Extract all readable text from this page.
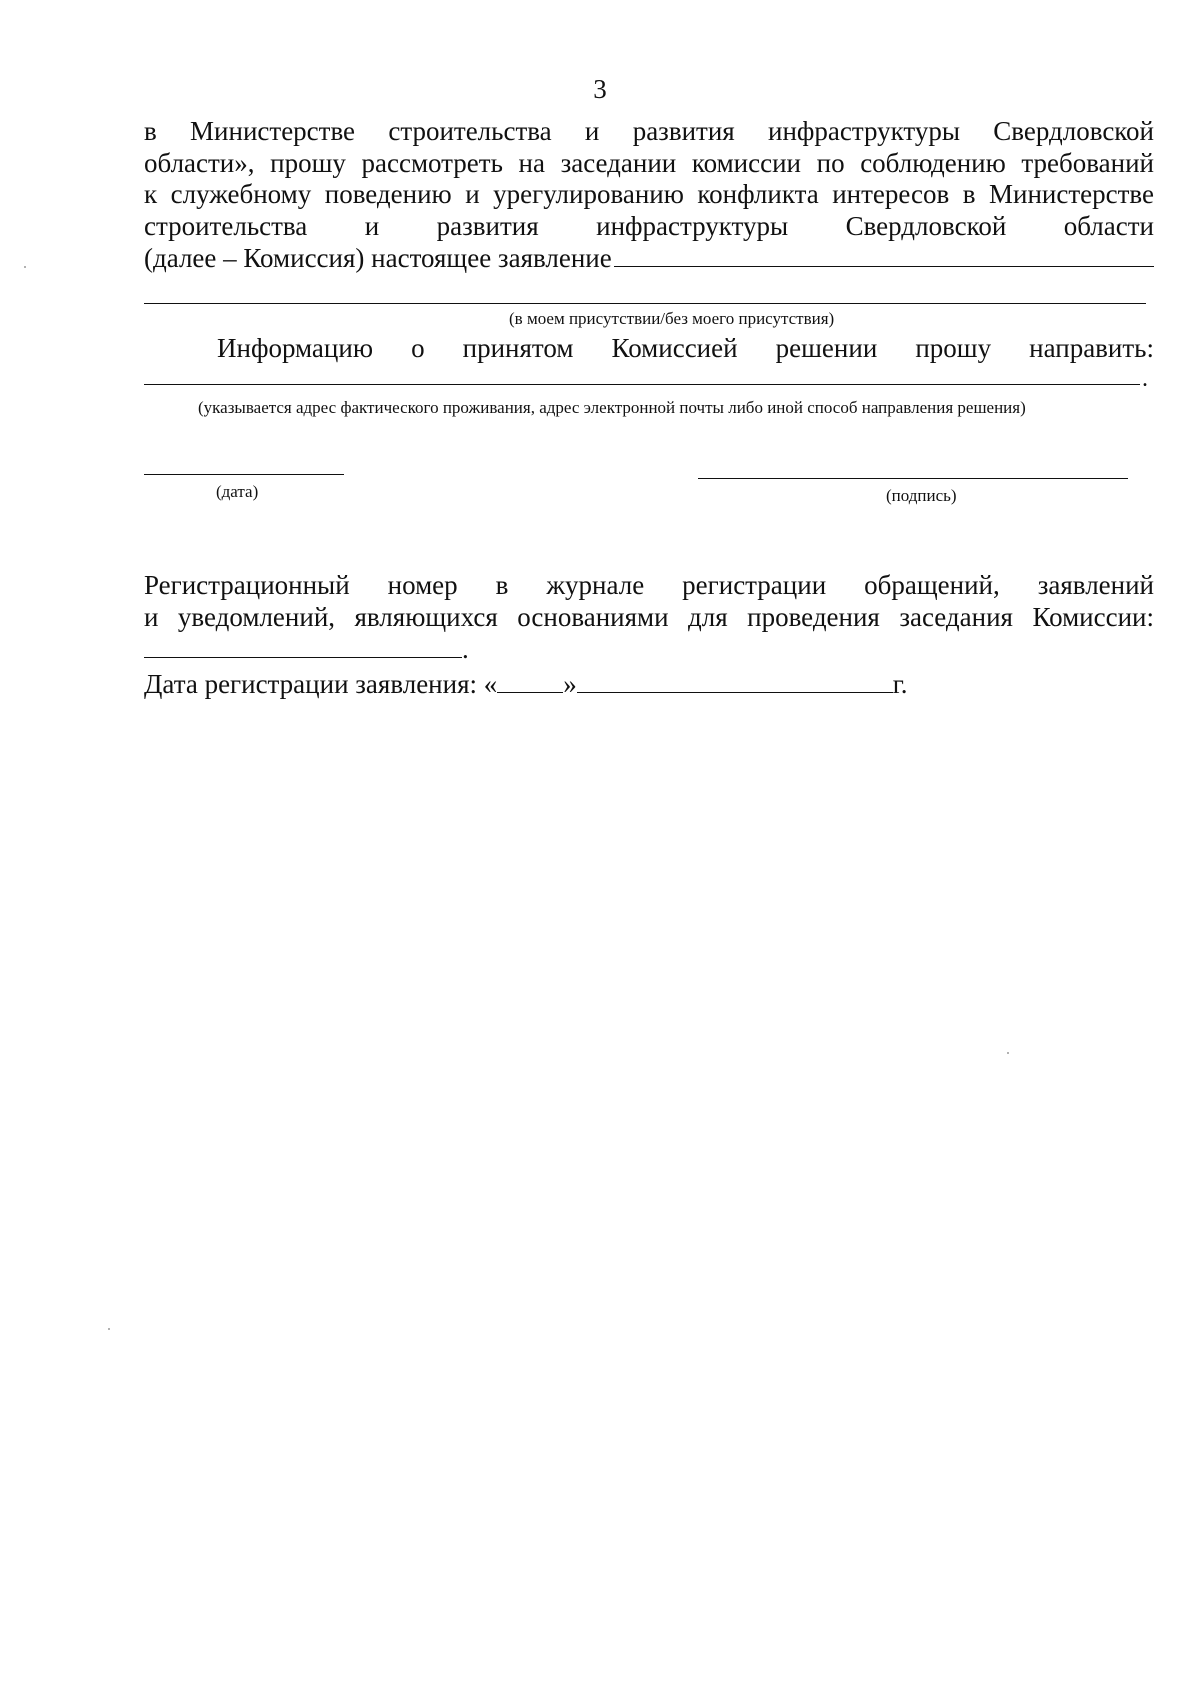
3
в Министерстве строительства и развития инфраструктуры Свердловской
области», прошу рассмотреть на заседании комиссии по соблюдению требований
к служебному поведению и урегулированию конфликта интересов в Министерстве
строительства и развития инфраструктуры Свердловской области
(далее – Комиссия) настоящее заявление
(в моем присутствии/без моего присутствия)
Информацию о принятом Комиссией решении прошу направить:
.
(указывается адрес фактического проживания, адрес электронной почты либо иной способ направления решения)
(дата)	(подпись)
Регистрационный номер в журнале регистрации обращений, заявлений
и уведомлений, являющихся основаниями для проведения заседания Комиссии:
.
Дата регистрации заявления: « »	г.
